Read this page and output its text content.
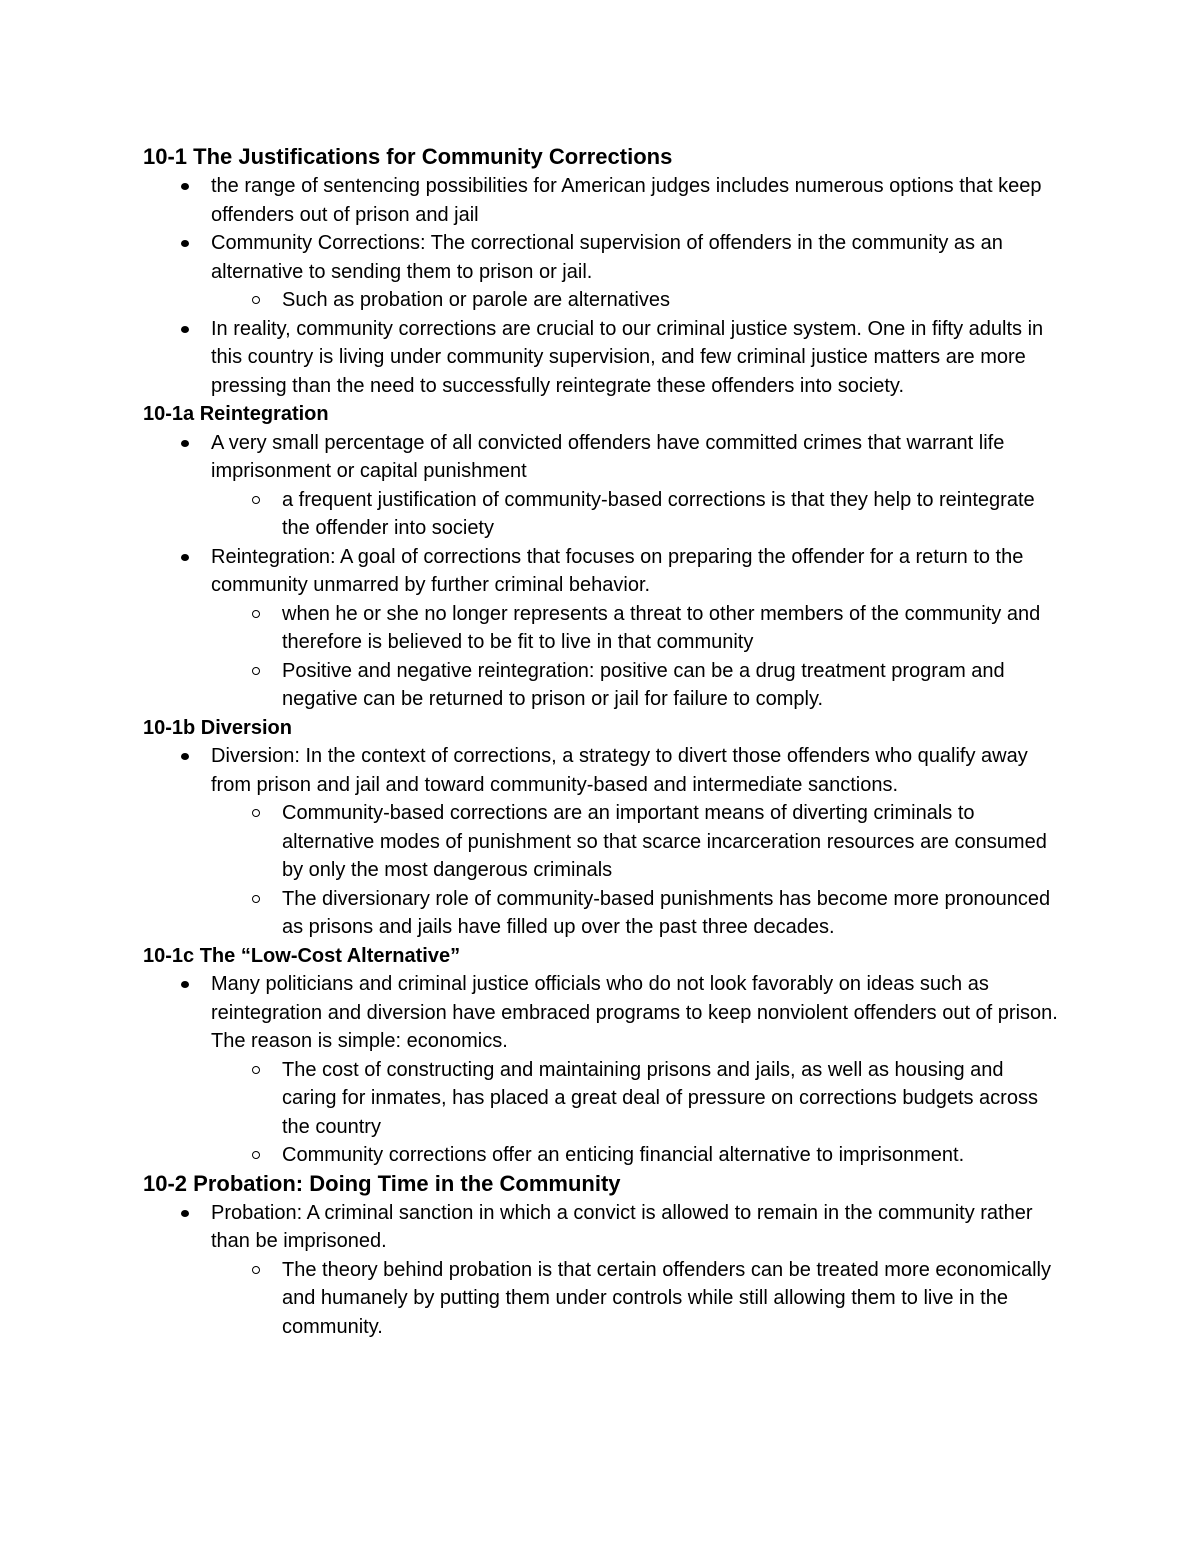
10-1 The Justifications for Community Corrections
the range of sentencing possibilities for American judges includes numerous options that keep offenders out of prison and jail
Community Corrections: The correctional supervision of offenders in the community as an alternative to sending them to prison or jail.
Such as probation or parole are alternatives
In reality, community corrections are crucial to our criminal justice system. One in fifty adults in this country is living under community supervision, and few criminal justice matters are more pressing than the need to successfully reintegrate these offenders into society.
10-1a Reintegration
A very small percentage of all convicted offenders have committed crimes that warrant life imprisonment or capital punishment
a frequent justification of community-based corrections is that they help to reintegrate the offender into society
Reintegration: A goal of corrections that focuses on preparing the offender for a return to the community unmarred by further criminal behavior.
when he or she no longer represents a threat to other members of the community and therefore is believed to be fit to live in that community
Positive and negative reintegration: positive can be a drug treatment program and negative can be returned to prison or jail for failure to comply.
10-1b Diversion
Diversion: In the context of corrections, a strategy to divert those offenders who qualify away from prison and jail and toward community-based and intermediate sanctions.
Community-based corrections are an important means of diverting criminals to alternative modes of punishment so that scarce incarceration resources are consumed by only the most dangerous criminals
The diversionary role of community-based punishments has become more pronounced as prisons and jails have filled up over the past three decades.
10-1c The “Low-Cost Alternative”
Many politicians and criminal justice officials who do not look favorably on ideas such as reintegration and diversion have embraced programs to keep nonviolent offenders out of prison. The reason is simple: economics.
The cost of constructing and maintaining prisons and jails, as well as housing and caring for inmates, has placed a great deal of pressure on corrections budgets across the country
Community corrections offer an enticing financial alternative to imprisonment.
10-2 Probation: Doing Time in the Community
Probation: A criminal sanction in which a convict is allowed to remain in the community rather than be imprisoned.
The theory behind probation is that certain offenders can be treated more economically and humanely by putting them under controls while still allowing them to live in the community.
